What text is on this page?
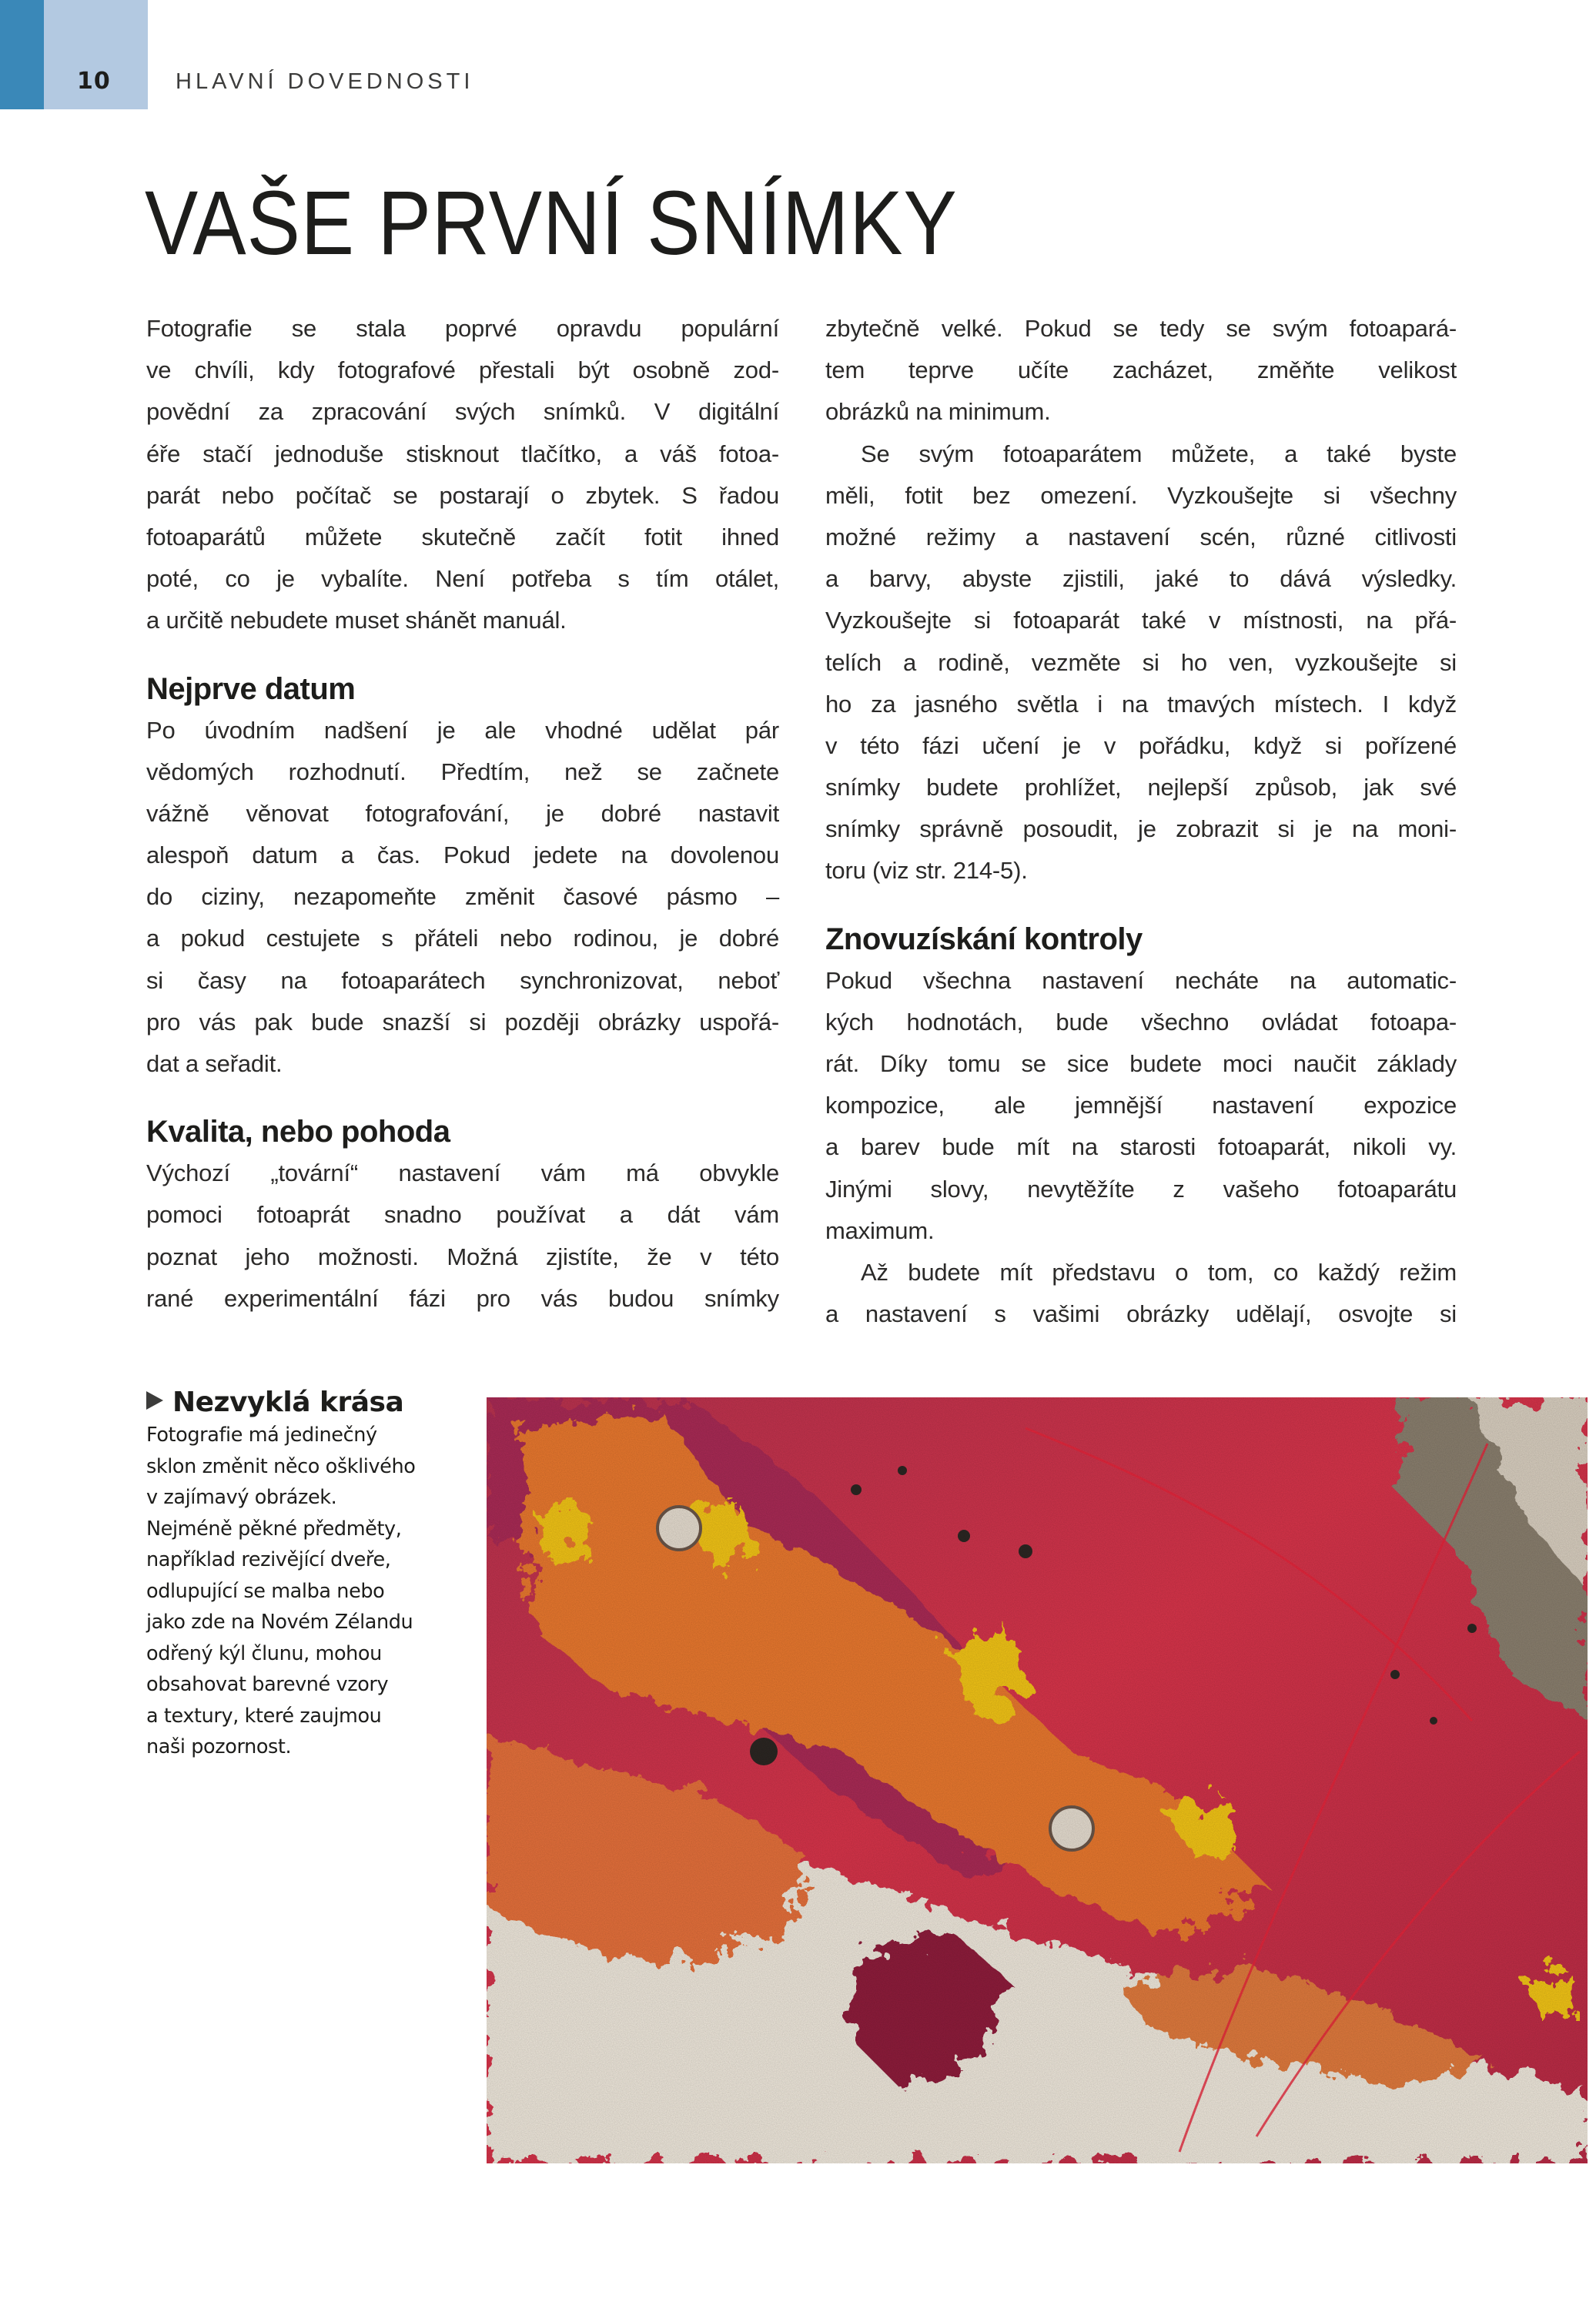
10	HLAVNÍ DOVEDNOSTI
VAŠE PRVNÍ SNÍMKY
Fotografie se stala poprvé opravdu populární
ve chvíli, kdy fotografové přestali být osobně zod-
povědní za zpracování svých snímků. V digitální
éře stačí jednoduše stisknout tlačítko, a váš fotoa-
parát nebo počítač se postarají o zbytek. S řadou
fotoaparátů můžete skutečně začít fotit ihned
poté, co je vybalíte. Není potřeba s tím otálet,
a určitě nebudete muset shánět manuál.
Nejprve datum
Po úvodním nadšení je ale vhodné udělat pár
vědomých rozhodnutí. Předtím, než se začnete
vážně věnovat fotografování, je dobré nastavit
alespoň datum a čas. Pokud jedete na dovolenou
do ciziny, nezapomeňte změnit časové pásmo –
a pokud cestujete s přáteli nebo rodinou, je dobré
si časy na fotoaparátech synchronizovat, neboť
pro vás pak bude snazší si později obrázky uspořá-
dat a seřadit.
Kvalita, nebo pohoda
Výchozí „tovární“ nastavení vám má obvykle
pomoci fotoaprát snadno používat a dát vám
poznat jeho možnosti. Možná zjistíte, že v této
rané experimentální fázi pro vás budou snímky
zbytečně velké. Pokud se tedy se svým fotoapará-
tem teprve učíte zacházet, změňte velikost
obrázků na minimum.
Se svým fotoaparátem můžete, a také byste
měli, fotit bez omezení. Vyzkoušejte si všechny
možné režimy a nastavení scén, různé citlivosti
a barvy, abyste zjistili, jaké to dává výsledky.
Vyzkoušejte si fotoaparát také v místnosti, na přá-
telích a rodině, vezměte si ho ven, vyzkoušejte si
ho za jasného světla i na tmavých místech. I když
v této fázi učení je v pořádku, když si pořízené
snímky budete prohlížet, nejlepší způsob, jak své
snímky správně posoudit, je zobrazit si je na moni-
toru (viz str. 214-5).
Znovuzískání kontroly
Pokud všechna nastavení necháte na automatic-
kých hodnotách, bude všechno ovládat fotoapa-
rát. Díky tomu se sice budete moci naučit základy
kompozice, ale jemnější nastavení expozice
a barev bude mít na starosti fotoaparát, nikoli vy.
Jinými slovy, nevytěžíte z vašeho fotoaparátu
maximum.
Až budete mít představu o tom, co každý režim
a nastavení s vašimi obrázky udělají, osvojte si
Nezvyklá krása
Fotografie má jedinečný
sklon změnit něco ošklivého
v zajímavý obrázek.
Nejméně pěkné předměty,
například rezivějící dveře,
odlupující se malba nebo
jako zde na Novém Zélandu
odřený kýl člunu, mohou
obsahovat barevné vzory
a textury, které zaujmou
naši pozornost.
